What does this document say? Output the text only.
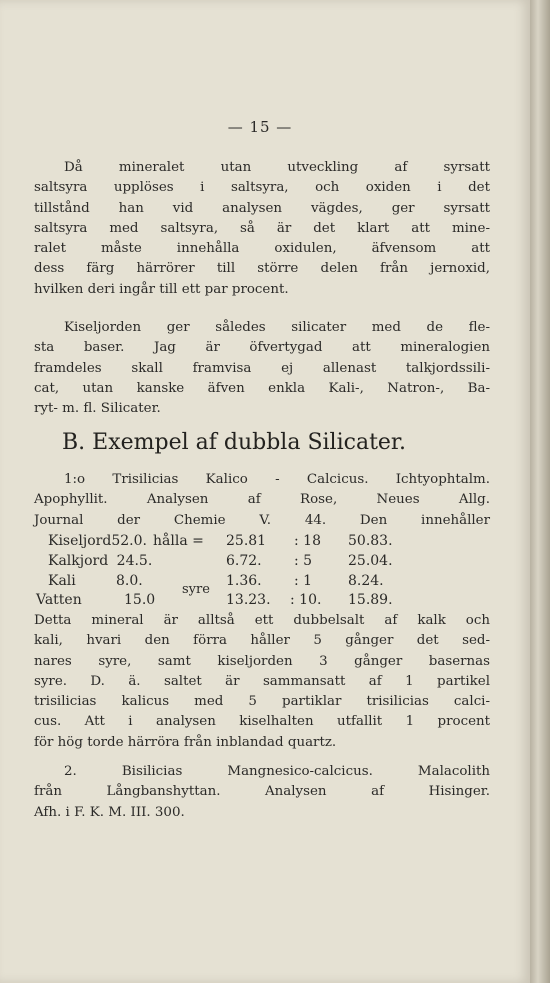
— 15 —
Då mineralet utan utveckling af syrsatt
saltsyra upplöses i saltsyra, och oxiden i det
tillstånd han vid analysen vägdes, ger syrsatt
saltsyra med saltsyra, så är det klart att mine-
ralet måste innehålla oxidulen, äfvensom att
dess färg härrörer till större delen från jernoxid,
hvilken deri ingår till ett par procent.
Kiseljorden ger således silicater med de fle-
sta baser. Jag är öfvertygad att mineralogien
framdeles skall framvisa ej allenast talkjordssili-
cat, utan kanske äfven enkla Kali-, Natron-, Ba-
ryt- m. fl. Silicater.
B. Exempel af dubbla Silicater.
1:o Trisilicias Kalico - Calcicus. Ichtyophtalm.
Apophyllit. Analysen af Rose, Neues Allg.
Journal der Chemie V. 44. Den innehåller
Kiseljord52.0. hålla = 25.81 : 18 50.83.
Kalkjord 24.5.	6.72. : 5	25.04.
Kali	8.0.	1.36. : 1	8.24.
syre
Vatten	15.0	13.23. : 10. 15.89.
Detta mineral är alltså ett dubbelsalt af kalk och
kali, hvari den förra håller 5 gånger det sed-
nares syre, samt kiseljorden 3 gånger basernas
syre. D. ä. saltet är sammansatt af 1 partikel
trisilicias kalicus med 5 partiklar trisilicias calci-
cus. Att i analysen kiselhalten utfallit 1 procent
för hög torde härröra från inblandad quartz.
2. Bisilicias Mangnesico-calcicus. Malacolith
från Långbanshyttan. Analysen af Hisinger.
Afh. i F. K. M. III. 300.
